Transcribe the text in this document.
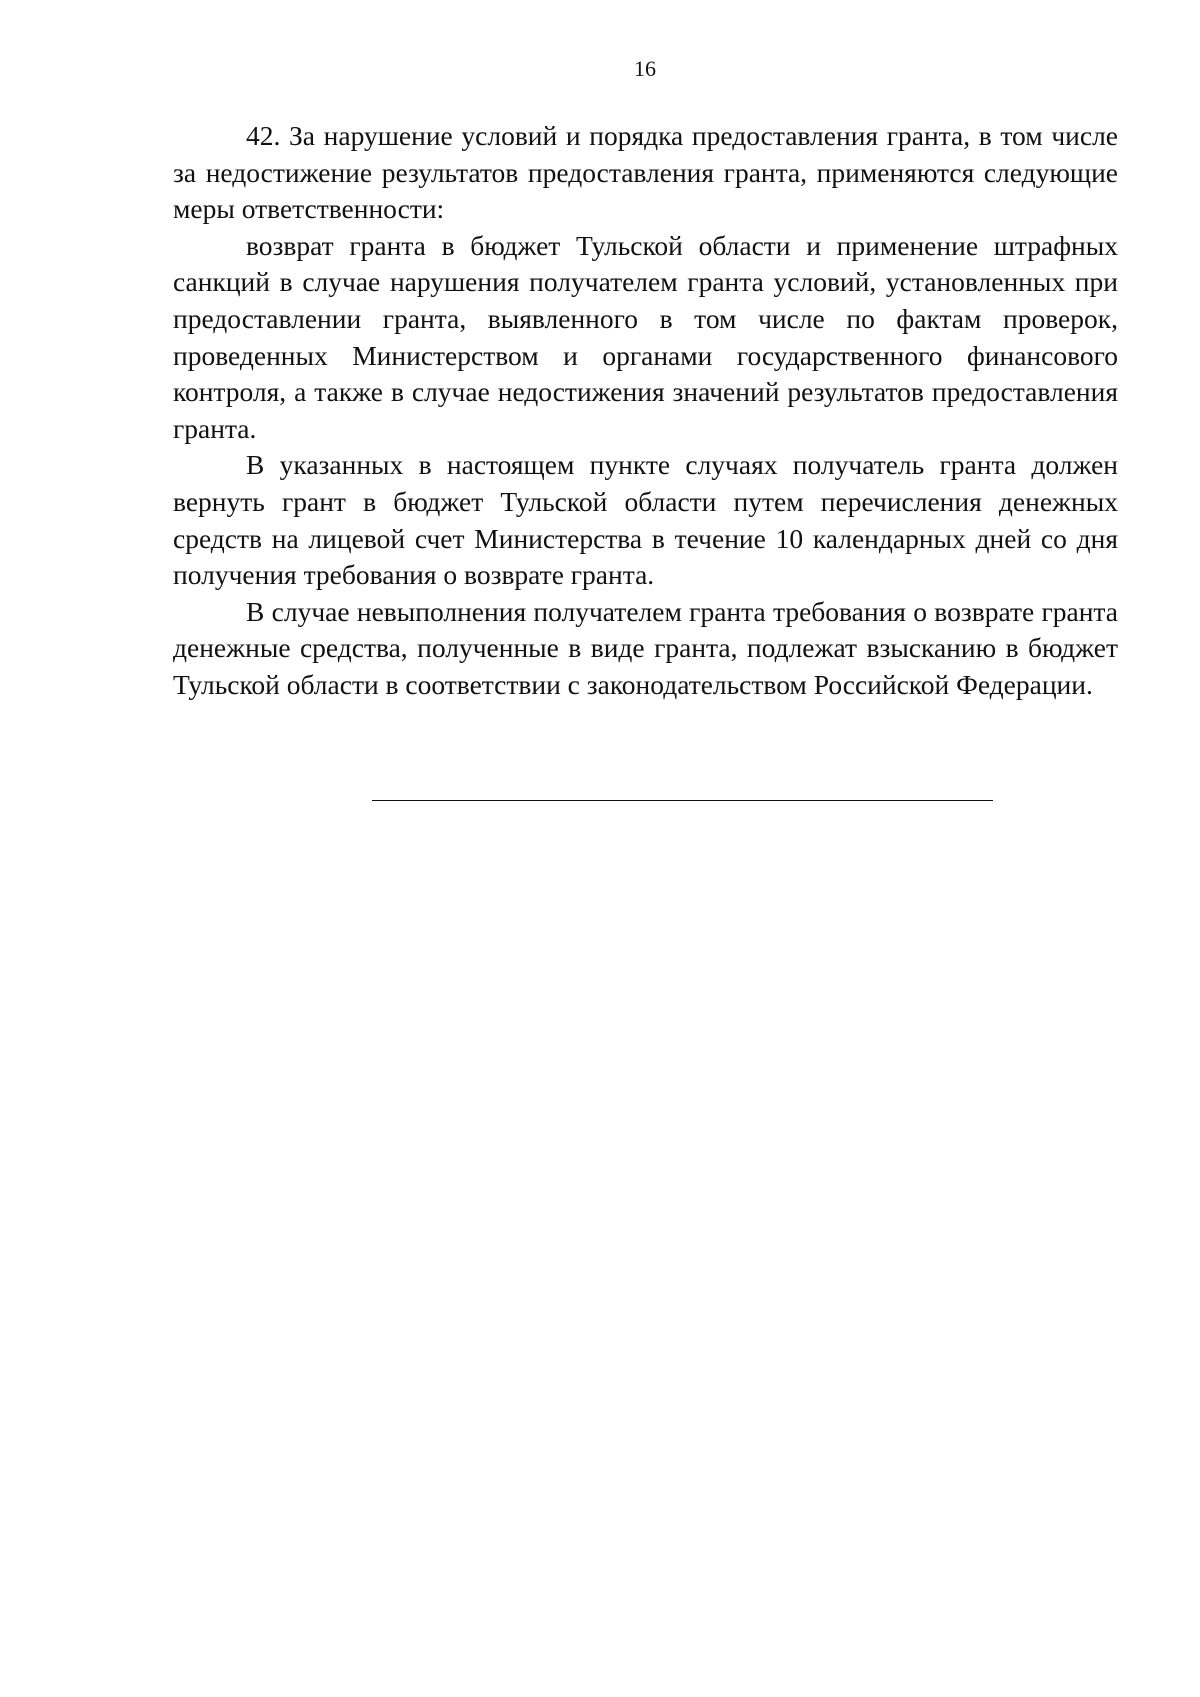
16

42. За нарушение условий и порядка предоставления гранта, в том числе за недостижение результатов предоставления гранта, применяются следующие меры ответственности:

возврат гранта в бюджет Тульской области и применение штрафных санкций в случае нарушения получателем гранта условий, установленных при предоставлении гранта, выявленного в том числе по фактам проверок, проведенных Министерством и органами государственного финансового контроля, а также в случае недостижения значений результатов предоставления гранта.

В указанных в настоящем пункте случаях получатель гранта должен вернуть грант в бюджет Тульской области путем перечисления денежных средств на лицевой счет Министерства в течение 10 календарных дней со дня получения требования о возврате гранта.

В случае невыполнения получателем гранта требования о возврате гранта денежные средства, полученные в виде гранта, подлежат взысканию в бюджет Тульской области в соответствии с законодательством Российской Федерации.
